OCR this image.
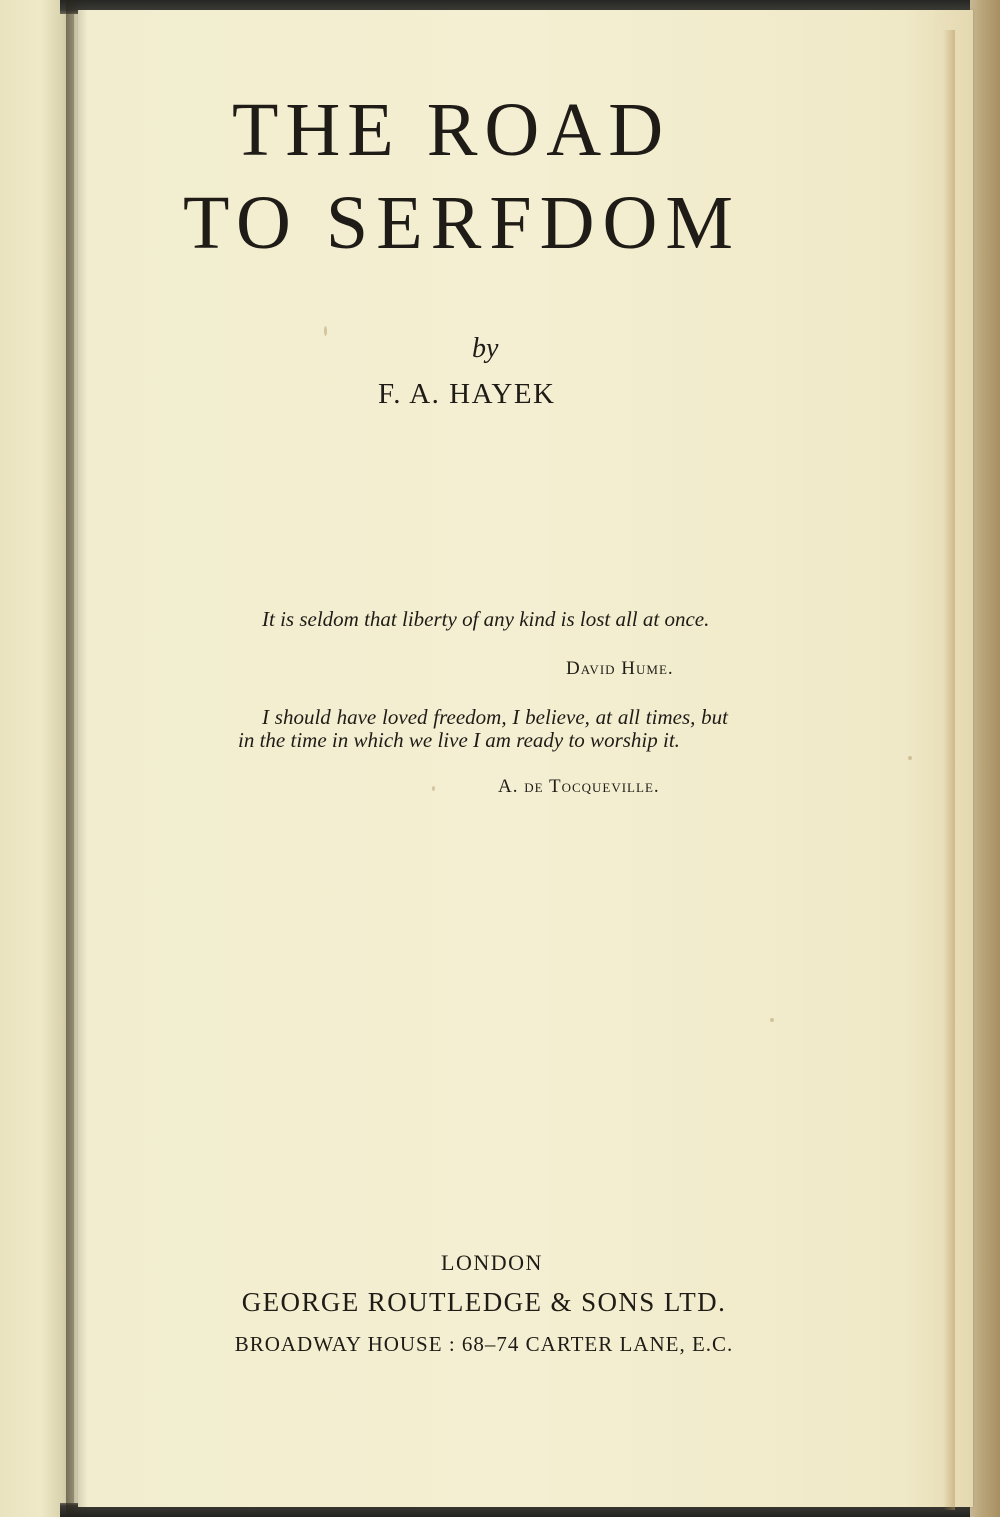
THE ROAD
TO SERFDOM
by
F. A. HAYEK

It is seldom that liberty of any kind is lost all at once.

David Hume.

I should have loved freedom, I believe, at all times, but in the time in which we live I am ready to worship it.

A. de Tocqueville.
LONDON
GEORGE ROUTLEDGE & SONS LTD.
BROADWAY HOUSE : 68–74 CARTER LANE, E.C.
